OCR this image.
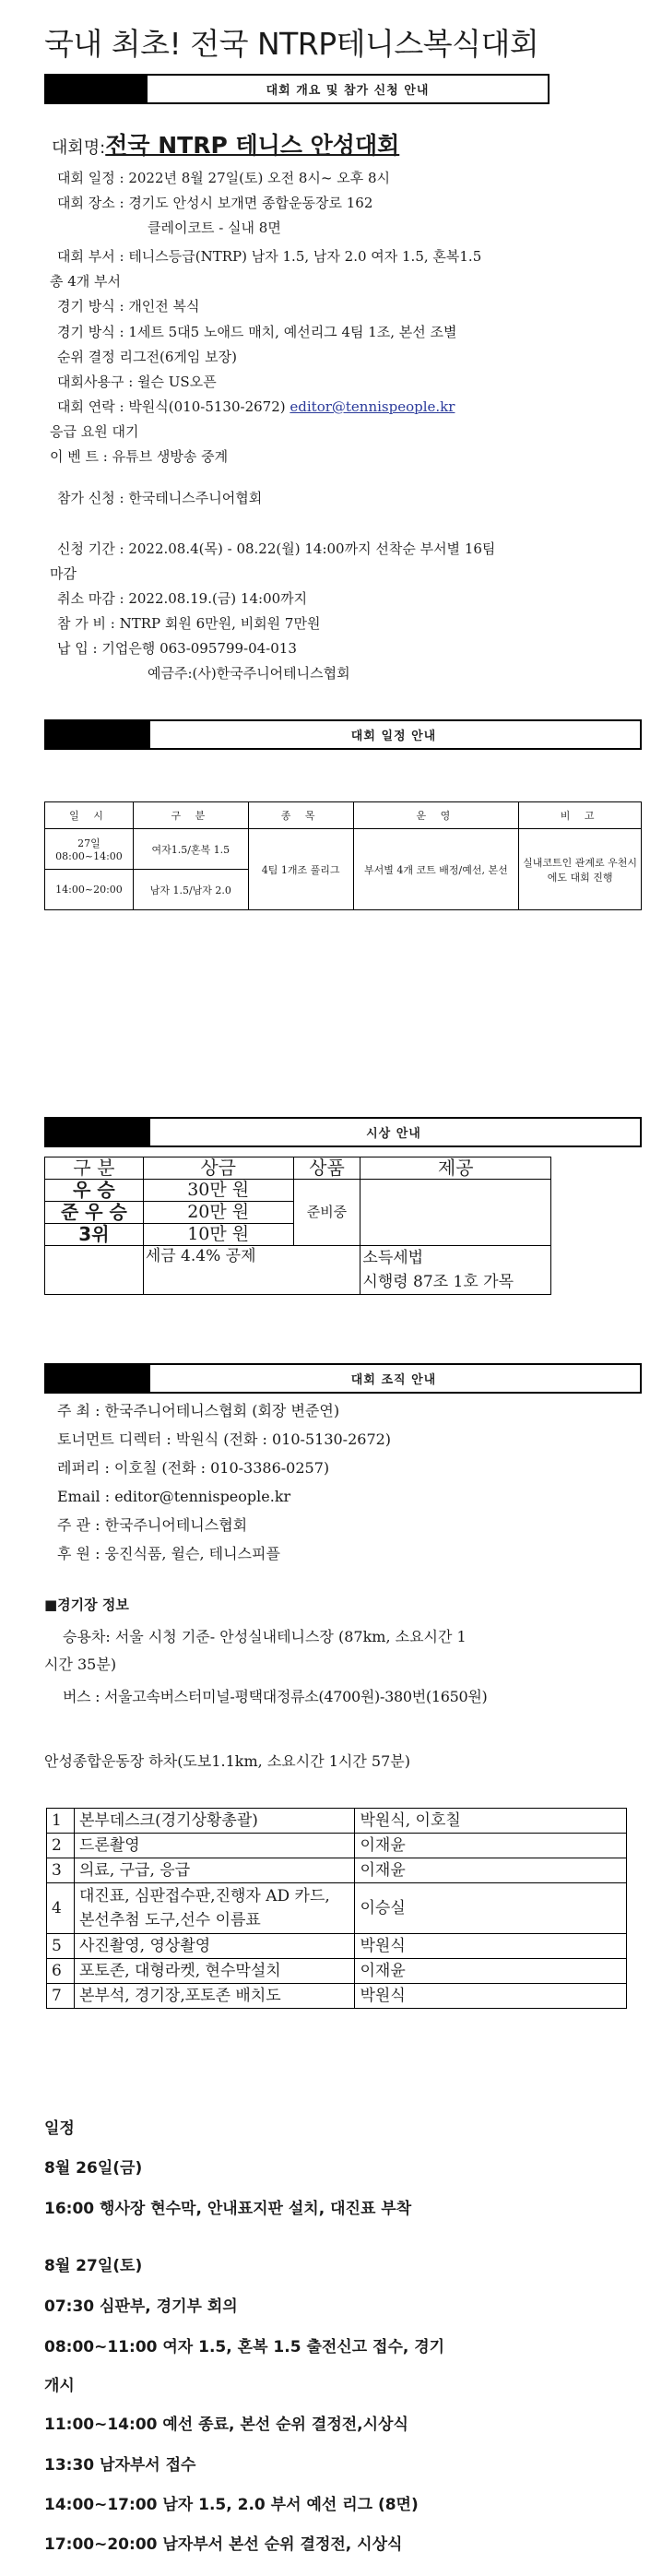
국내 최초! 전국 NTRP테니스복식대회
대회 개요 및 참가 신청 안내
대회명:전국 NTRP 테니스 안성대회
대회 일정 : 2022년 8월 27일(토) 오전 8시~ 오후 8시
대회 장소 : 경기도 안성시 보개면 종합운동장로 162
클레이코트 - 실내 8면
대회 부서 : 테니스등급(NTRP) 남자 1.5, 남자 2.0 여자 1.5, 혼복1.5
총 4개 부서
경기 방식 : 개인전 복식
경기 방식 : 1세트 5대5 노애드 매치, 예선리그 4팀 1조, 본선 조별
순위 결정 리그전(6게임 보장)
대회사용구 : 윌슨 US오픈
대회 연락 : 박원식(010-5130-2672) editor@tennispeople.kr
응급 요원 대기
이 벤 트 : 유튜브 생방송 중계
참가 신청 : 한국테니스주니어협회
신청 기간 : 2022.08.4(목) - 08.22(월) 14:00까지 선착순 부서별 16팀
마감
취소 마감 : 2022.08.19.(금) 14:00까지
참 가 비 : NTRP 회원 6만원, 비회원 7만원
납 입 : 기업은행 063-095799-04-013
예금주:(사)한국주니어테니스협회
대회 일정 안내
일 시	구 분	종 목	운 영	비 고
27일 08:00~14:00	여자1.5/혼복 1.5	4팀 1개조 풀리그	부서별 4개 코트 배정/예선, 본선	실내코트인 관계로 우천시에도 대회 진행
14:00~20:00	남자 1.5/남자 2.0			
시상 안내
구 분	상금	상품	제공
우 승	30만 원	준비중	
준 우 승	20만 원		
3위	10만 원		
	세금 4.4% 공제		소득세법
시행령 87조 1호 가목
대회 조직 안내
주 최 : 한국주니어테니스협회 (회장 변준연)
토너먼트 디렉터 : 박원식 (전화 : 010-5130-2672)
레퍼리 : 이호칠 (전화 : 010-3386-0257)
Email : editor@tennispeople.kr
주 관 : 한국주니어테니스협회
후 원 : 웅진식품, 윌슨, 테니스피플
■경기장 정보
승용차: 서울 시청 기준- 안성실내테니스장 (87km, 소요시간 1
시간 35분)
버스 : 서울고속버스터미널-평택대정류소(4700원)-380번(1650원)
안성종합운동장 하차(도보1.1km, 소요시간 1시간 57분)
1	본부데스크(경기상황총괄)	박원식, 이호칠
2	드론촬영	이재윤
3	의료, 구급, 응급	이재윤
4	대진표, 심판접수판,진행자 AD 카드, 본선추첨 도구,선수 이름표	이승실
5	사진촬영, 영상촬영	박원식
6	포토존, 대형라켓, 현수막설치	이재윤
7	본부석, 경기장,포토존 배치도	박원식
일정
8월 26일(금)
16:00 행사장 현수막, 안내표지판 설치, 대진표 부착
8월 27일(토)
07:30 심판부, 경기부 회의
08:00~11:00 여자 1.5, 혼복 1.5 출전신고 접수, 경기
개시
11:00~14:00 예선 종료, 본선 순위 결정전,시상식
13:30 남자부서 접수
14:00~17:00 남자 1.5, 2.0 부서 예선 리그 (8면)
17:00~20:00 남자부서 본선 순위 결정전, 시상식
